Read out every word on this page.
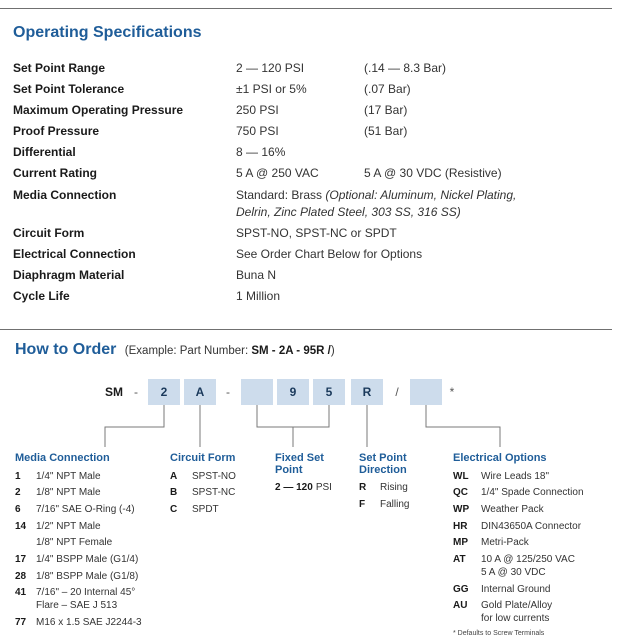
Operating Specifications
Set Point Range	2 — 120 PSI	(.14 — 8.3 Bar)
Set Point Tolerance	±1 PSI or 5%	(.07 Bar)
Maximum Operating Pressure	250 PSI	(17 Bar)
Proof Pressure	750 PSI	(51 Bar)
Differential	8 — 16%
Current Rating	5 A @ 250 VAC	5 A @ 30 VDC (Resistive)
Media Connection	Standard: Brass (Optional: Aluminum, Nickel Plating,
Delrin, Zinc Plated Steel, 303 SS, 316 SS)
Circuit Form	SPST-NO, SPST-NC or SPDT
Electrical Connection	See Order Chart Below for Options
Diaphragm Material	Buna N
Cycle Life	1 Million
How to Order (Example: Part Number: SM - 2A - 95R /)
SM -	2	A	-	9	5	R	/	*
Media Connection
1	1/4" NPT Male
2	1/8" NPT Male
6	7/16" SAE O-Ring (-4)
14 1/2" NPT Male
1/8" NPT Female
17 1/4" BSPP Male (G1/4)
28 1/8" BSPP Male (G1/8)
41 7/16" – 20 Internal 45°
Flare – SAE J 513
77 M16 x 1.5 SAE J2244-3
Circuit Form
A	SPST-NO
B	SPST-NC
C	SPDT
Fixed Set
Point
2 — 120 PSI
Set Point
Direction
R	Rising
F	Falling
Electrical Options
WL	Wire Leads 18"
QC	1/4" Spade Connection
WP	Weather Pack
HR	DIN43650A Connector
MP	Metri-Pack
AT	10 A @ 125/250 VAC
5 A @ 30 VDC
GG	Internal Ground
AU	Gold Plate/Alloy
for low currents
* Defaults to Screw Terminals
